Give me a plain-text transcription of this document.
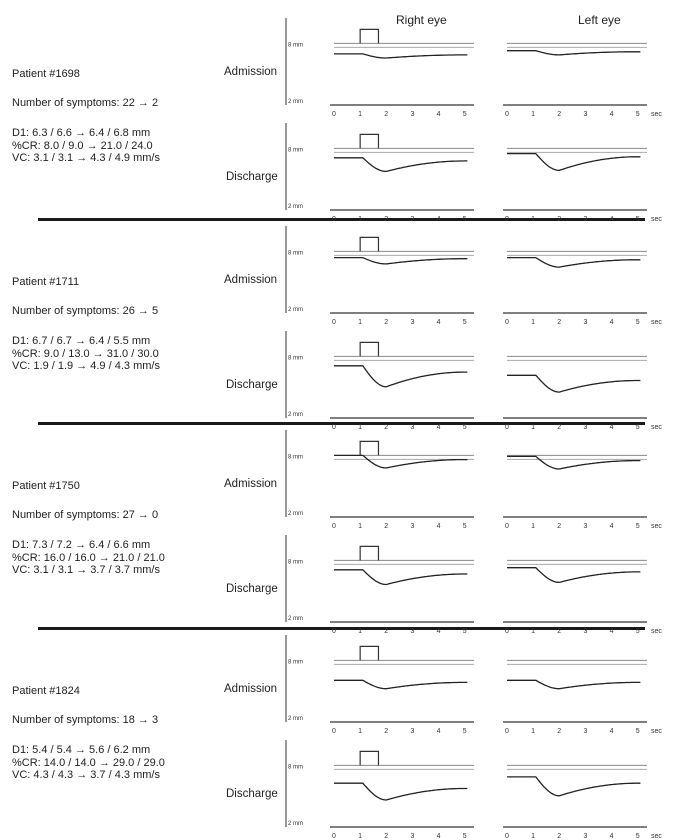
Right eye	Left eye
Patient #1698
Number of symptoms: 22 → 2
D1: 6.3 / 6.6 → 6.4 / 6.8 mm
%CR: 8.0 / 9.0 → 21.0 / 24.0
VC: 3.1 / 3.1 → 4.3 / 4.9 mm/s
Admission
Discharge
Patient #1711
Number of symptoms: 26 → 5
D1: 6.7 / 6.7 → 6.4 / 5.5 mm
%CR: 9.0 / 13.0 → 31.0 / 30.0
VC: 1.9 / 1.9 → 4.9 / 4.3 mm/s
Admission
Discharge
Patient #1750
Number of symptoms: 27 → 0
D1: 7.3 / 7.2 → 6.4 / 6.6 mm
%CR: 16.0 / 16.0 → 21.0 / 21.0
VC: 3.1 / 3.1 → 3.7 / 3.7 mm/s
Admission
Discharge
Patient #1824
Number of symptoms: 18 → 3
D1: 5.4 / 5.4 → 5.6 / 6.2 mm
%CR: 14.0 / 14.0 → 29.0 / 29.0
VC: 4.3 / 4.3 → 3.7 / 4.3 mm/s
Admission
Discharge
8 mm
2 mm
0	1	2	3	4	5	0	1	2	3	4	5 sec
8 mm
2 mm
0	1	2	3	4	5	0	1	2	3	4	5 sec
8 mm
2 mm
0	1	2	3	4	5	0	1	2	3	4	5 sec
8 mm
2 mm
0	1	2	3	4	5	0	1	2	3	4	5 sec
8 mm
2 mm
0	1	2	3	4	5	0	1	2	3	4	5 sec
8 mm
2 mm
0	1	2	3	4	5	0	1	2	3	4	5 sec
8 mm
2 mm
0	1	2	3	4	5	0	1	2	3	4	5 sec
8 mm
2 mm
0	1	2	3	4	5	0	1	2	3	4	5 sec
